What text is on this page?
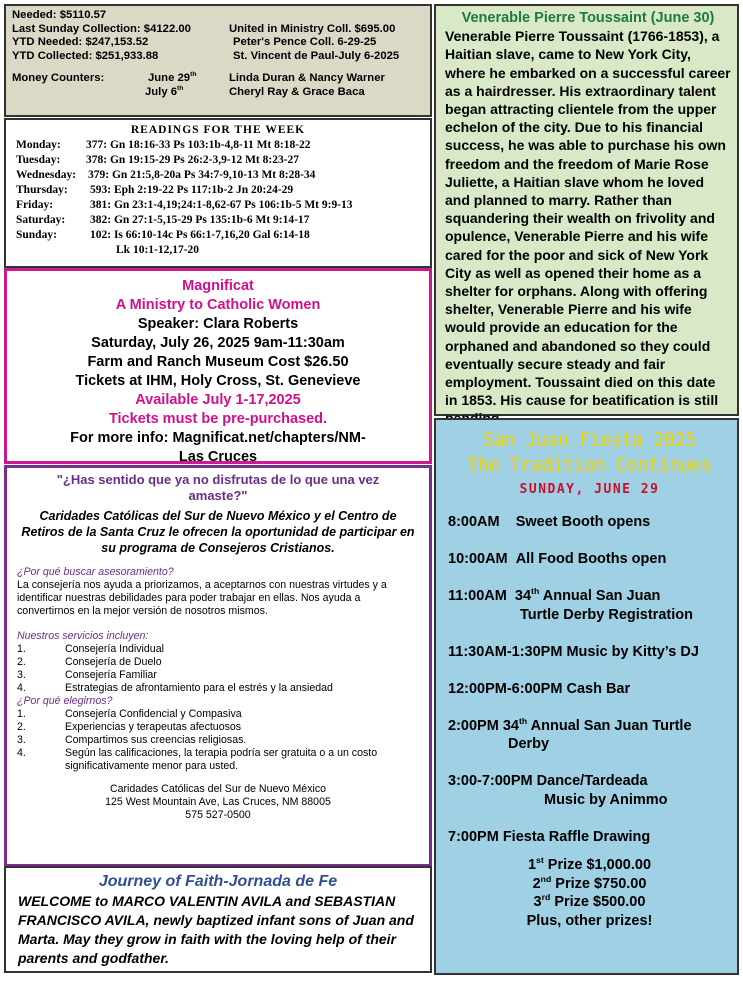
Needed: $5110.57
Last Sunday Collection: $4122.00	United in Ministry Coll. $695.00
YTD Needed: $247,153.52	Peter's Pence Coll. 6-29-25
YTD Collected: $251,933.88	St. Vincent de Paul-July 6-2025
Money Counters:	June 29th	Linda Duran & Nancy Warner
July 6th	Cheryl Ray & Grace Baca
READINGS FOR THE WEEK
Monday: 377: Gn 18:16-33 Ps 103:1b-4,8-11 Mt 8:18-22
Tuesday: 378: Gn 19:15-29 Ps 26:2-3,9-12 Mt 8:23-27
Wednesday: 379: Gn 21:5,8-20a Ps 34:7-9,10-13 Mt 8:28-34
Thursday: 593: Eph 2:19-22 Ps 117:1b-2 Jn 20:24-29
Friday:	381: Gn 23:1-4,19;24:1-8,62-67 Ps 106:1b-5 Mt 9:9-13
Saturday: 382: Gn 27:1-5,15-29 Ps 135:1b-6 Mt 9:14-17
Sunday:	102: Is 66:10-14c Ps 66:1-7,16,20 Gal 6:14-18
Lk 10:1-12,17-20
Magnificat
A Ministry to Catholic Women
Speaker: Clara Roberts
Saturday, July 26, 2025 9am-11:30am
Farm and Ranch Museum Cost $26.50
Tickets at IHM, Holy Cross, St. Genevieve
Available July 1-17,2025
Tickets must be pre-purchased.
For more info: Magnificat.net/chapters/NM-
Las Cruces
"¿Has sentido que ya no disfrutas de lo que una vez amaste?"
Caridades Católicas del Sur de Nuevo México y el Centro de Retiros de la Santa Cruz le ofrecen la oportunidad de participar en su programa de Consejeros Cristianos.
¿Por qué buscar asesoramiento?
La consejería nos ayuda a priorizamos, a aceptarnos con nuestras virtudes y a identificar nuestras debilidades para poder trabajar en ellas. Nos ayuda a convertirnos en la mejor versión de nosotros mismos.
Nuestros servicios incluyen:
1.	Consejería Individual
2.	Consejería de Duelo
3.	Consejería Familiar
4.	Estrategias de afrontamiento para el estrés y la ansiedad
¿Por qué elegirnos?
1.	Consejería Confidencial y Compasiva
2.	Experiencias y terapeutas afectuosos
3.	Compartimos sus creencias religiosas.
4.	Según las calificaciones, la terapia podría ser gratuita o a un costo significativamente menor para usted.
Caridades Católicas del Sur de Nuevo México
125 West Mountain Ave, Las Cruces, NM 88005
575 527-0500
Journey of Faith-Jornada de Fe
WELCOME to MARCO VALENTIN AVILA and SEBASTIAN FRANCISCO AVILA, newly baptized infant sons of Juan and Marta. May they grow in faith with the loving help of their parents and godfather.
Venerable Pierre Toussaint (June 30)
Venerable Pierre Toussaint (1766-1853), a Haitian slave, came to New York City, where he embarked on a successful career as a hairdresser. His extraordinary talent began attracting clientele from the upper echelon of the city. Due to his financial success, he was able to purchase his own freedom and the freedom of Marie Rose Juliette, a Haitian slave whom he loved and planned to marry. Rather than squandering their wealth on frivolity and opulence, Venerable Pierre and his wife cared for the poor and sick of New York City as well as opened their home as a shelter for orphans. Along with offering shelter, Venerable Pierre and his wife would provide an education for the orphaned and abandoned so they could eventually secure steady and fair employment. Toussaint died on this date in 1853. His cause for beatification is still
San Juan Fiesta 2025
The Tradition Continues
SUNDAY, JUNE 29
8:00AM Sweet Booth opens
10:00AM All Food Booths open
11:00AM 34th Annual San Juan
Turtle Derby Registration
11:30AM-1:30PM Music by Kitty’s DJ
12:00PM-6:00PM Cash Bar
2:00PM 34th Annual San Juan Turtle
Derby
3:00-7:00PM Dance/Tardeada
Music by Animmo
7:00PM Fiesta Raffle Drawing
1st Prize $1,000.00
2nd Prize $750.00
3rd Prize $500.00
Plus, other prizes!
